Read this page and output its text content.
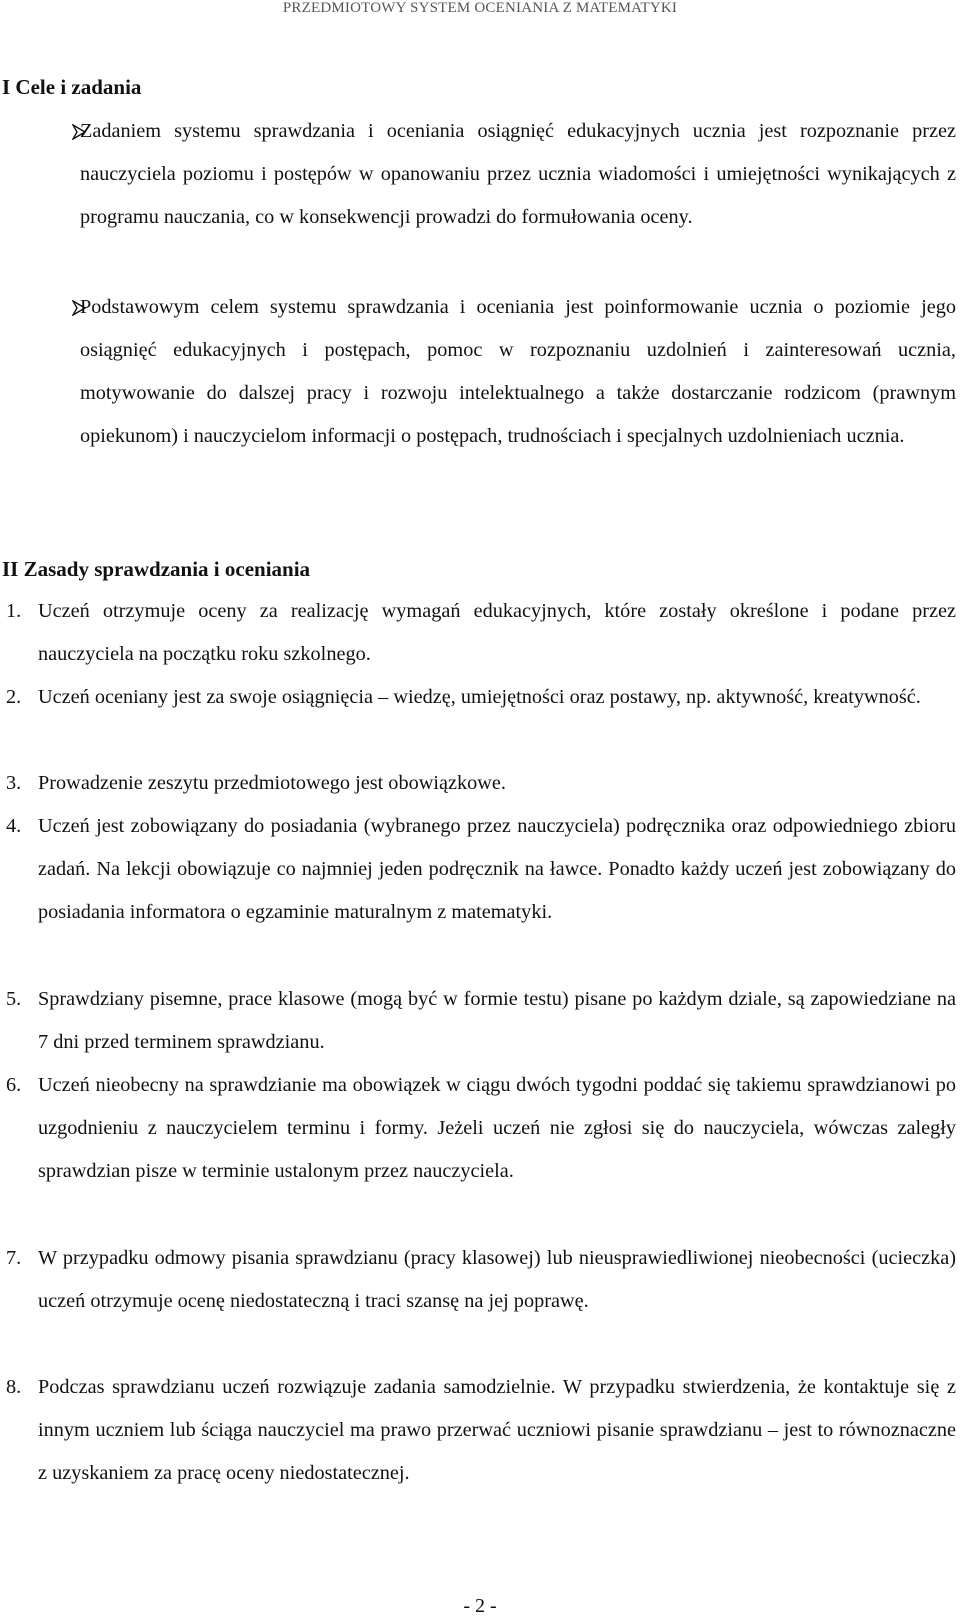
PRZEDMIOTOWY SYSTEM OCENIANIA Z MATEMATYKI
I Cele i zadania
Zadaniem systemu sprawdzania i oceniania osiągnięć edukacyjnych ucznia jest rozpoznanie przez nauczyciela poziomu i postępów w opanowaniu przez ucznia wiadomości i umiejętności wynikających z programu nauczania, co w konsekwencji prowadzi do formułowania oceny.
Podstawowym celem systemu sprawdzania i oceniania jest poinformowanie ucznia o poziomie jego osiągnięć edukacyjnych i postępach, pomoc w rozpoznaniu uzdolnień i zainteresowań ucznia, motywowanie do dalszej pracy i rozwoju intelektualnego a także dostarczanie rodzicom (prawnym opiekunom) i nauczycielom informacji o postępach, trudnościach i specjalnych uzdolnieniach ucznia.
II Zasady sprawdzania i oceniania
1. Uczeń otrzymuje oceny za realizację wymagań edukacyjnych, które zostały określone i podane przez nauczyciela na początku roku szkolnego.
2. Uczeń oceniany jest za swoje osiągnięcia – wiedzę, umiejętności oraz postawy, np. aktywność, kreatywność.
3. Prowadzenie zeszytu przedmiotowego jest obowiązkowe.
4. Uczeń jest zobowiązany do posiadania (wybranego przez nauczyciela) podręcznika oraz odpowiedniego zbioru zadań. Na lekcji obowiązuje co najmniej jeden podręcznik na ławce. Ponadto każdy uczeń jest zobowiązany do posiadania informatora o egzaminie maturalnym z matematyki.
5. Sprawdziany pisemne, prace klasowe (mogą być w formie testu) pisane po każdym dziale, są zapowiedziane na 7 dni przed terminem sprawdzianu.
6. Uczeń nieobecny na sprawdzianie ma obowiązek w ciągu dwóch tygodni poddać się takiemu sprawdzianowi po uzgodnieniu z nauczycielem terminu i formy. Jeżeli uczeń nie zgłosi się do nauczyciela, wówczas zaległy sprawdzian pisze w terminie ustalonym przez nauczyciela.
7. W przypadku odmowy pisania sprawdzianu (pracy klasowej) lub nieusprawiedliwionej nieobecności (ucieczka) uczeń otrzymuje ocenę niedostateczną i traci szansę na jej poprawę.
8. Podczas sprawdzianu uczeń rozwiązuje zadania samodzielnie. W przypadku stwierdzenia, że kontaktuje się z innym uczniem lub ściąga nauczyciel ma prawo przerwać uczniowi pisanie sprawdzianu – jest to równoznaczne z uzyskaniem za pracę oceny niedostatecznej.
- 2 -
